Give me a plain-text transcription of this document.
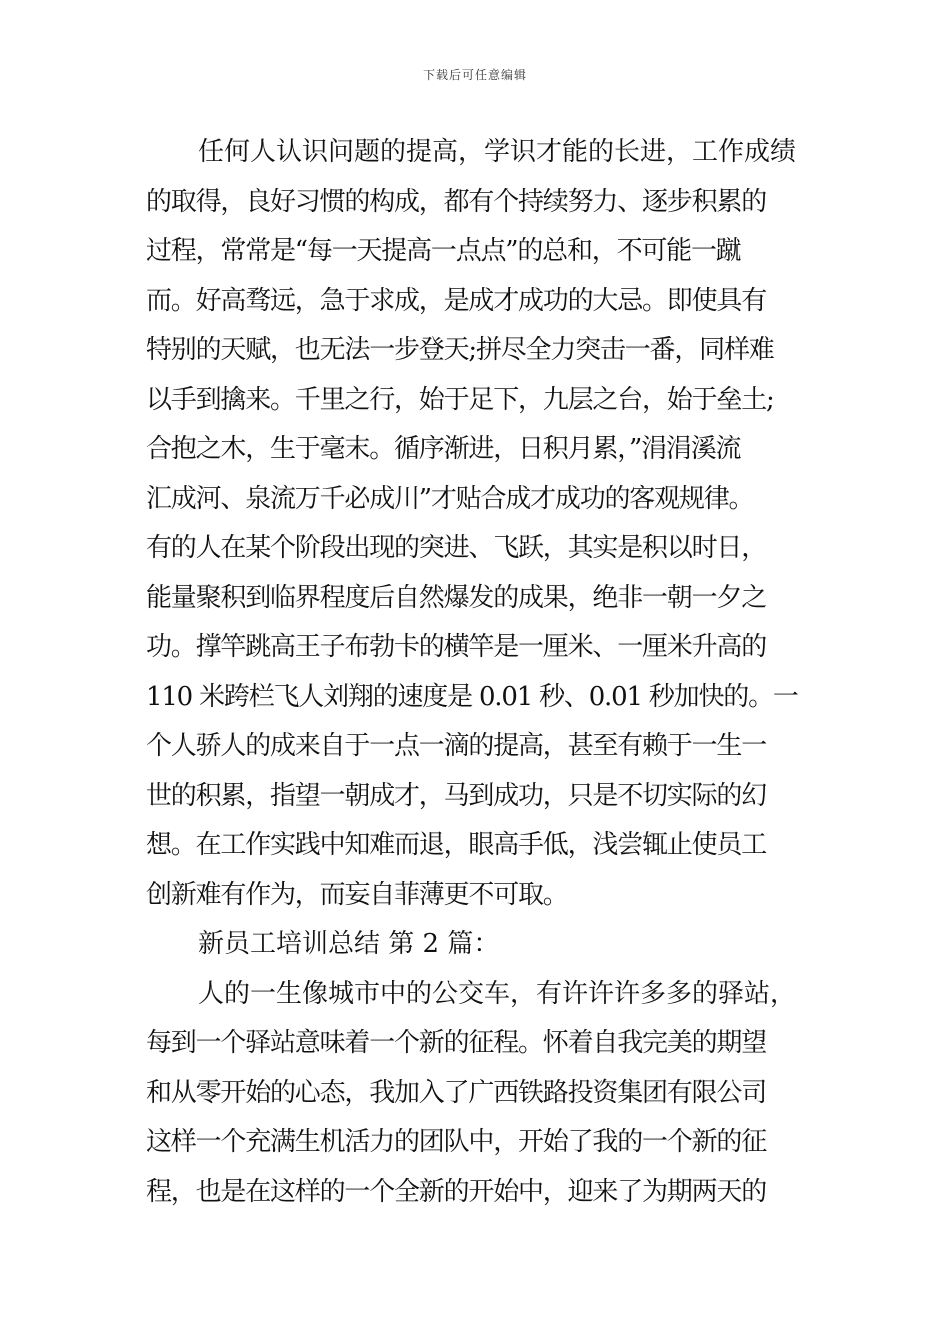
下载后可任意编辑
任何人认识问题的提高，学识才能的长进，工作成绩
的取得，良好习惯的构成，都有个持续努力、逐步积累的
过程，常常是“每一天提高一点点”的总和，不可能一蹴
而。好高骛远，急于求成，是成才成功的大忌。即使具有
特别的天赋，也无法一步登天;拼尽全力突击一番，同样难
以手到擒来。千里之行，始于足下，九层之台，始于垒土;
合抱之木，生于毫末。循序渐进，日积月累，”涓涓溪流
汇成河、泉流万千必成川”才贴合成才成功的客观规律。
有的人在某个阶段出现的突进、飞跃，其实是积以时日，
能量聚积到临界程度后自然爆发的成果，绝非一朝一夕之
功。撑竿跳高王子布勃卡的横竿是一厘米、一厘米升高的
110 米跨栏飞人刘翔的速度是 0.01 秒、0.01 秒加快的。一
个人骄人的成来自于一点一滴的提高，甚至有赖于一生一
世的积累，指望一朝成才，马到成功，只是不切实际的幻
想。在工作实践中知难而退，眼高手低，浅尝辄止使员工
创新难有作为，而妄自菲薄更不可取。
新员工培训总结 第 2 篇：
人的一生像城市中的公交车，有许许许多多的驿站，
每到一个驿站意味着一个新的征程。怀着自我完美的期望
和从零开始的心态，我加入了广西铁路投资集团有限公司
这样一个充满生机活力的团队中，开始了我的一个新的征
程，也是在这样的一个全新的开始中，迎来了为期两天的
